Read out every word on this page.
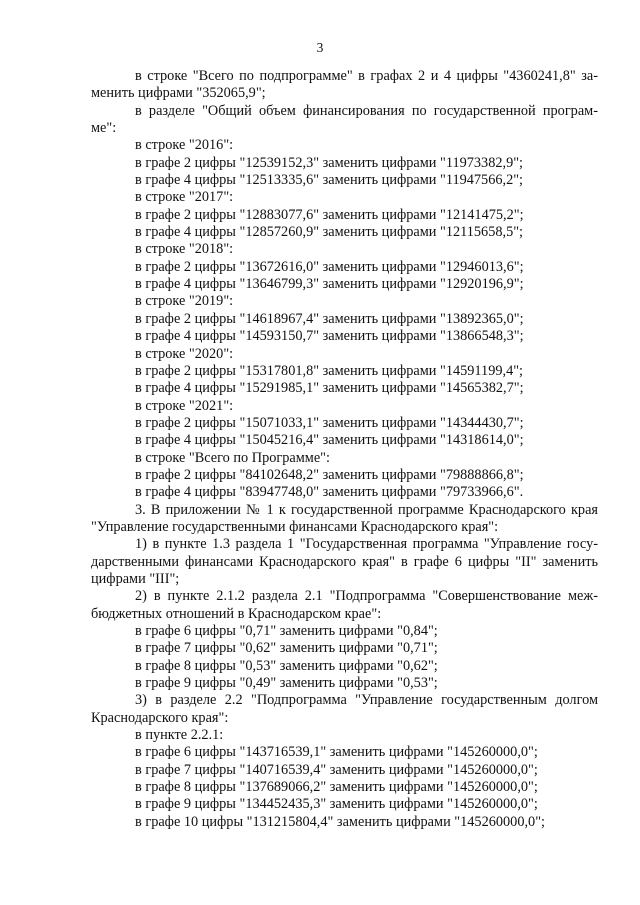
3
в строке "Всего по подпрограмме" в графах 2 и 4 цифры "4360241,8" за-
менить цифрами "352065,9";
в разделе "Общий объем финансирования по государственной програм-
ме":
в строке "2016":
в графе 2 цифры "12539152,3" заменить цифрами "11973382,9";
в графе 4 цифры "12513335,6" заменить цифрами "11947566,2";
в строке "2017":
в графе 2 цифры "12883077,6" заменить цифрами "12141475,2";
в графе 4 цифры "12857260,9" заменить цифрами "12115658,5";
в строке "2018":
в графе 2 цифры "13672616,0" заменить цифрами "12946013,6";
в графе 4 цифры "13646799,3" заменить цифрами "12920196,9";
в строке "2019":
в графе 2 цифры "14618967,4" заменить цифрами "13892365,0";
в графе 4 цифры "14593150,7" заменить цифрами "13866548,3";
в строке "2020":
в графе 2 цифры "15317801,8" заменить цифрами "14591199,4";
в графе 4 цифры "15291985,1" заменить цифрами "14565382,7";
в строке "2021":
в графе 2 цифры "15071033,1" заменить цифрами "14344430,7";
в графе 4 цифры "15045216,4" заменить цифрами "14318614,0";
в строке "Всего по Программе":
в графе 2 цифры "84102648,2" заменить цифрами "79888866,8";
в графе 4 цифры "83947748,0" заменить цифрами "79733966,6".
3. В приложении № 1 к государственной программе Краснодарского края
"Управление государственными финансами Краснодарского края":
1) в пункте 1.3 раздела 1 "Государственная программа "Управление госу-
дарственными финансами Краснодарского края" в графе 6 цифры "II" заменить
цифрами "III";
2) в пункте 2.1.2 раздела 2.1 "Подпрограмма "Совершенствование меж-
бюджетных отношений в Краснодарском крае":
в графе 6 цифры "0,71" заменить цифрами "0,84";
в графе 7 цифры "0,62" заменить цифрами "0,71";
в графе 8 цифры "0,53" заменить цифрами "0,62";
в графе 9 цифры "0,49" заменить цифрами "0,53";
3) в разделе 2.2 "Подпрограмма "Управление государственным долгом
Краснодарского края":
в пункте 2.2.1:
в графе 6 цифры "143716539,1" заменить цифрами "145260000,0";
в графе 7 цифры "140716539,4" заменить цифрами "145260000,0";
в графе 8 цифры "137689066,2" заменить цифрами "145260000,0";
в графе 9 цифры "134452435,3" заменить цифрами "145260000,0";
в графе 10 цифры "131215804,4" заменить цифрами "145260000,0";
